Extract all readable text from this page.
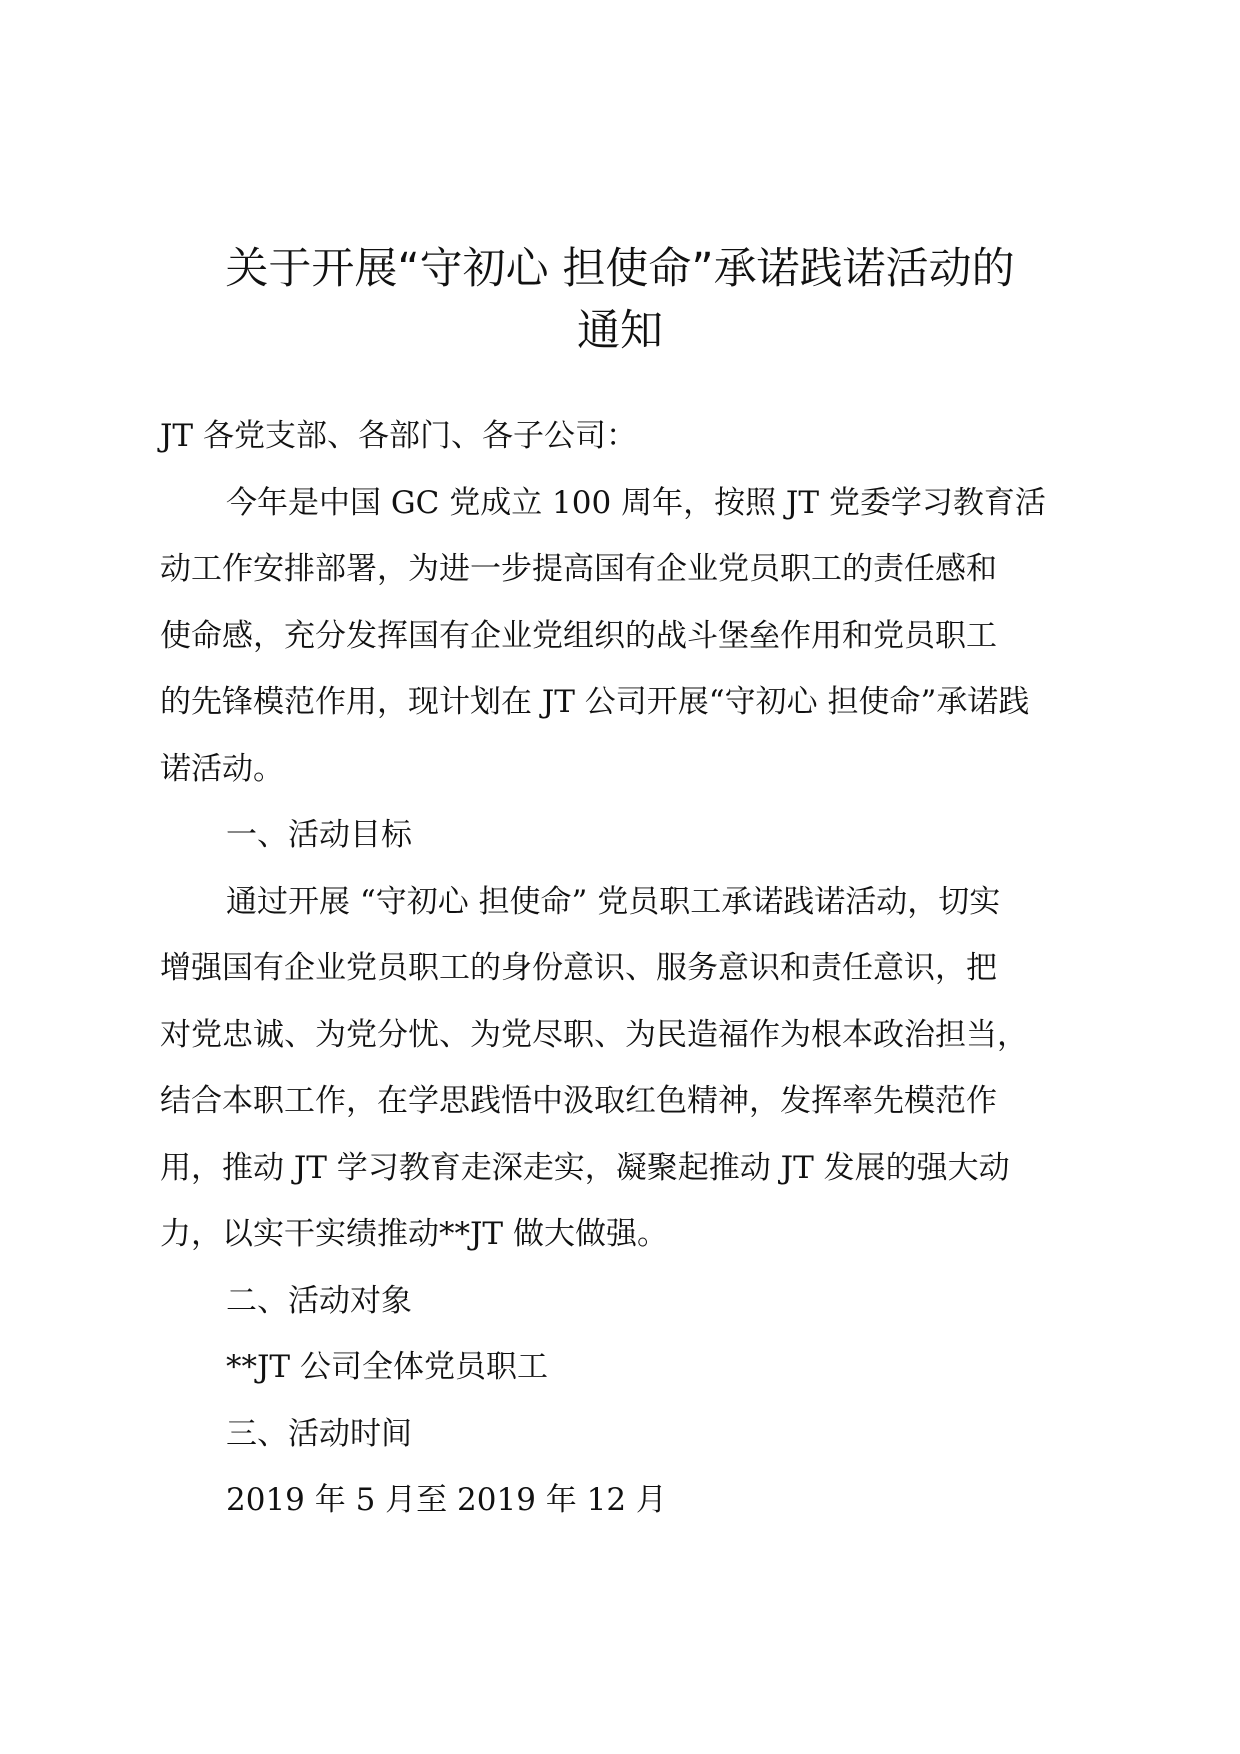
关于开展“守初心 担使命”承诺践诺活动的
通知
JT 各党支部、各部门、各子公司：
今年是中国 GC 党成立 100 周年，按照 JT 党委学习教育活
动工作安排部署，为进一步提高国有企业党员职工的责任感和
使命感，充分发挥国有企业党组织的战斗堡垒作用和党员职工
的先锋模范作用，现计划在 JT 公司开展“守初心 担使命”承诺践
诺活动。
一、活动目标
通过开展 “守初心 担使命” 党员职工承诺践诺活动，切实
增强国有企业党员职工的身份意识、服务意识和责任意识，把
对党忠诚、为党分忧、为党尽职、为民造福作为根本政治担当，
结合本职工作，在学思践悟中汲取红色精神，发挥率先模范作
用，推动 JT 学习教育走深走实，凝聚起推动 JT 发展的强大动
力，以实干实绩推动**JT 做大做强。
二、活动对象
**JT 公司全体党员职工
三、活动时间
2019 年 5 月至 2019 年 12 月
